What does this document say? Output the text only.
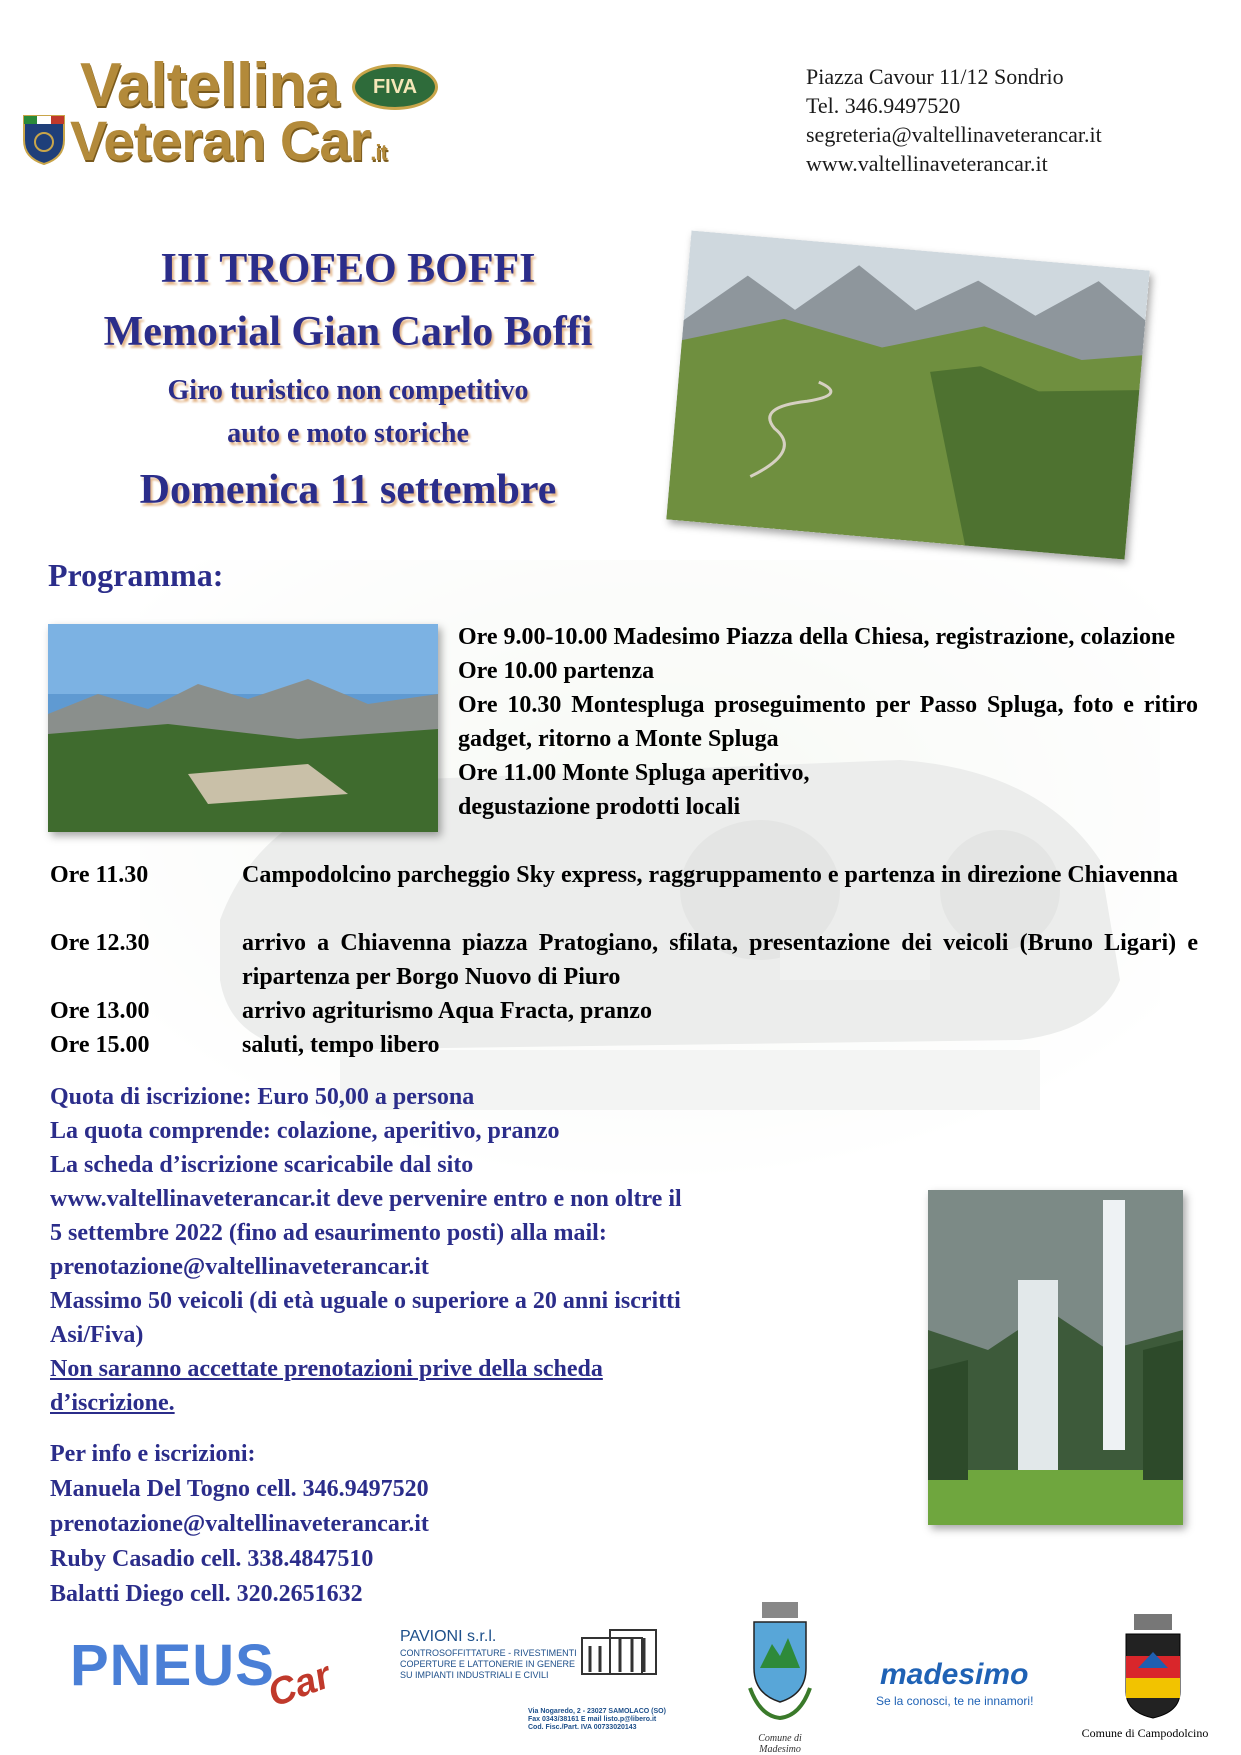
Valtellina
Veteran Car.it
FIVA	Piazza Cavour 11/12 Sondrio
Tel. 346.9497520
segreteria@valtellinaveterancar.it
www.valtellinaveterancar.it
III TROFEO BOFFI
Memorial Gian Carlo Boffi
Giro turistico non competitivo
auto e moto storiche
Domenica 11 settembre
Programma:
Ore 9.00-10.00 Madesimo Piazza della Chiesa, registrazione, colazione
Ore 10.00 partenza
Ore 10.30 Montespluga proseguimento per Passo Spluga, foto e ritiro gadget, ritorno a Monte Spluga
Ore 11.00 Monte Spluga aperitivo,
degustazione prodotti locali
Ore 11.30	Campodolcino parcheggio Sky express, raggruppamento e partenza in direzione Chiavenna
Ore 12.30	arrivo a Chiavenna piazza Pratogiano, sfilata, presentazione dei veicoli (Bruno Ligari) e ripartenza per Borgo Nuovo di Piuro
Ore 13.00	arrivo agriturismo Aqua Fracta, pranzo
Ore 15.00	saluti, tempo libero
Quota di iscrizione: Euro 50,00 a persona
La quota comprende: colazione, aperitivo, pranzo
La scheda d’iscrizione scaricabile dal sito
www.valtellinaveterancar.it deve pervenire entro e non oltre il
5 settembre 2022 (fino ad esaurimento posti) alla mail:
prenotazione@valtellinaveterancar.it
Massimo 50 veicoli (di età uguale o superiore a 20 anni iscritti
Asi/Fiva)
Non saranno accettate prenotazioni prive della scheda
d’iscrizione.
Per info e iscrizioni:
Manuela Del Togno cell. 346.9497520
prenotazione@valtellinaveterancar.it
Ruby Casadio cell. 338.4847510
Balatti Diego cell. 320.2651632
PNEUS
Car
PAVIONI s.r.l.
CONTROSOFFITTATURE - RIVESTIMENTI
COPERTURE E LATTONERIE IN GENERE
SU IMPIANTI INDUSTRIALI E CIVILI
Via Nogaredo, 2 - 23027 SAMOLACO (SO)
Fax 0343/38161 E mail listo.p@libero.it
Cod. Fisc./Part. IVA 00733020143
Comune di Madesimo
madesimo
Se la conosci, te ne innamori!
Comune di Campodolcino
